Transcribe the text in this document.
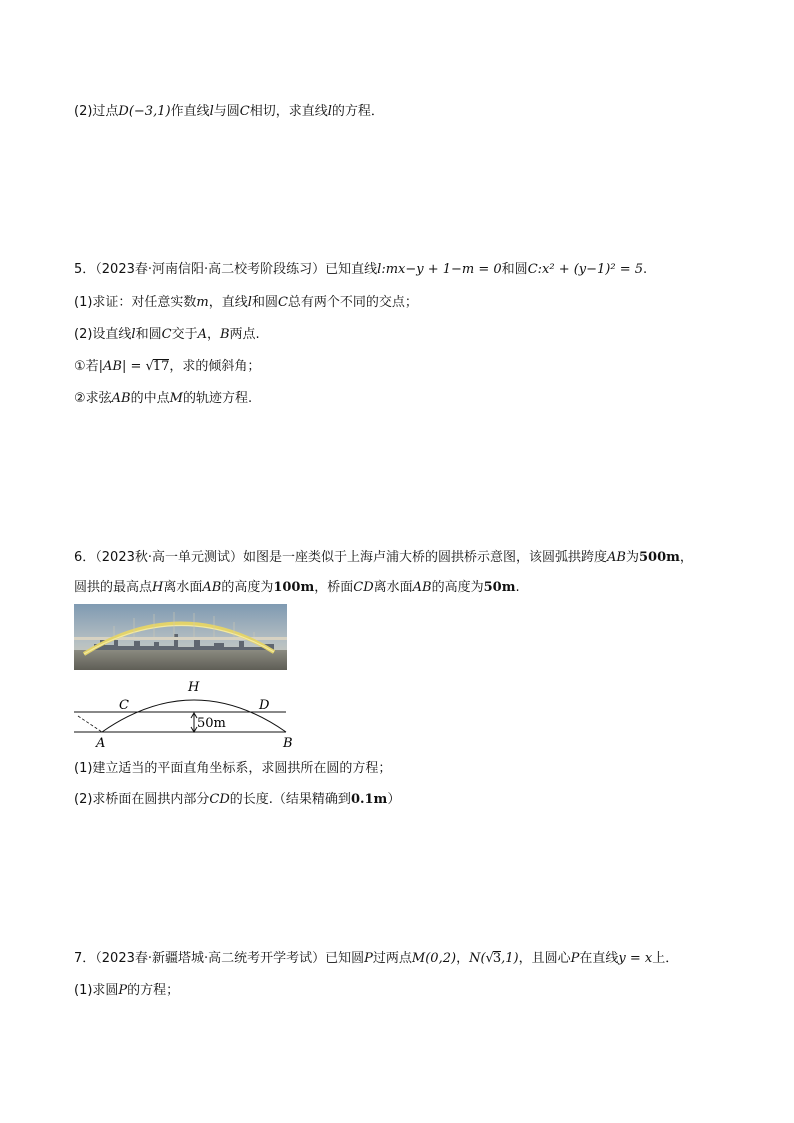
(2)过点D(−3,1)作直线l与圆C相切，求直线l的方程．
5．（2023春·河南信阳·高二校考阶段练习）已知直线l:mx−y + 1−m = 0和圆C:x² + (y−1)² = 5.
(1)求证：对任意实数m，直线l和圆C总有两个不同的交点；
(2)设直线l和圆C交于A，B两点.
①若|AB| = √17，求的倾斜角；
②求弦AB的中点M的轨迹方程.
6．（2023秋·高一单元测试）如图是一座类似于上海卢浦大桥的圆拱桥示意图，该圆弧拱跨度AB为500m，
圆拱的最高点H离水面AB的高度为100m，桥面CD离水面AB的高度为50m.
50m
H
C	D
A	B
(1)建立适当的平面直角坐标系，求圆拱所在圆的方程；
(2)求桥面在圆拱内部分CD的长度.（结果精确到0.1m）
7．（2023春·新疆塔城·高二统考开学考试）已知圆P过两点M(0,2)，N(√3,1)，且圆心P在直线y = x上．
(1)求圆P的方程；
